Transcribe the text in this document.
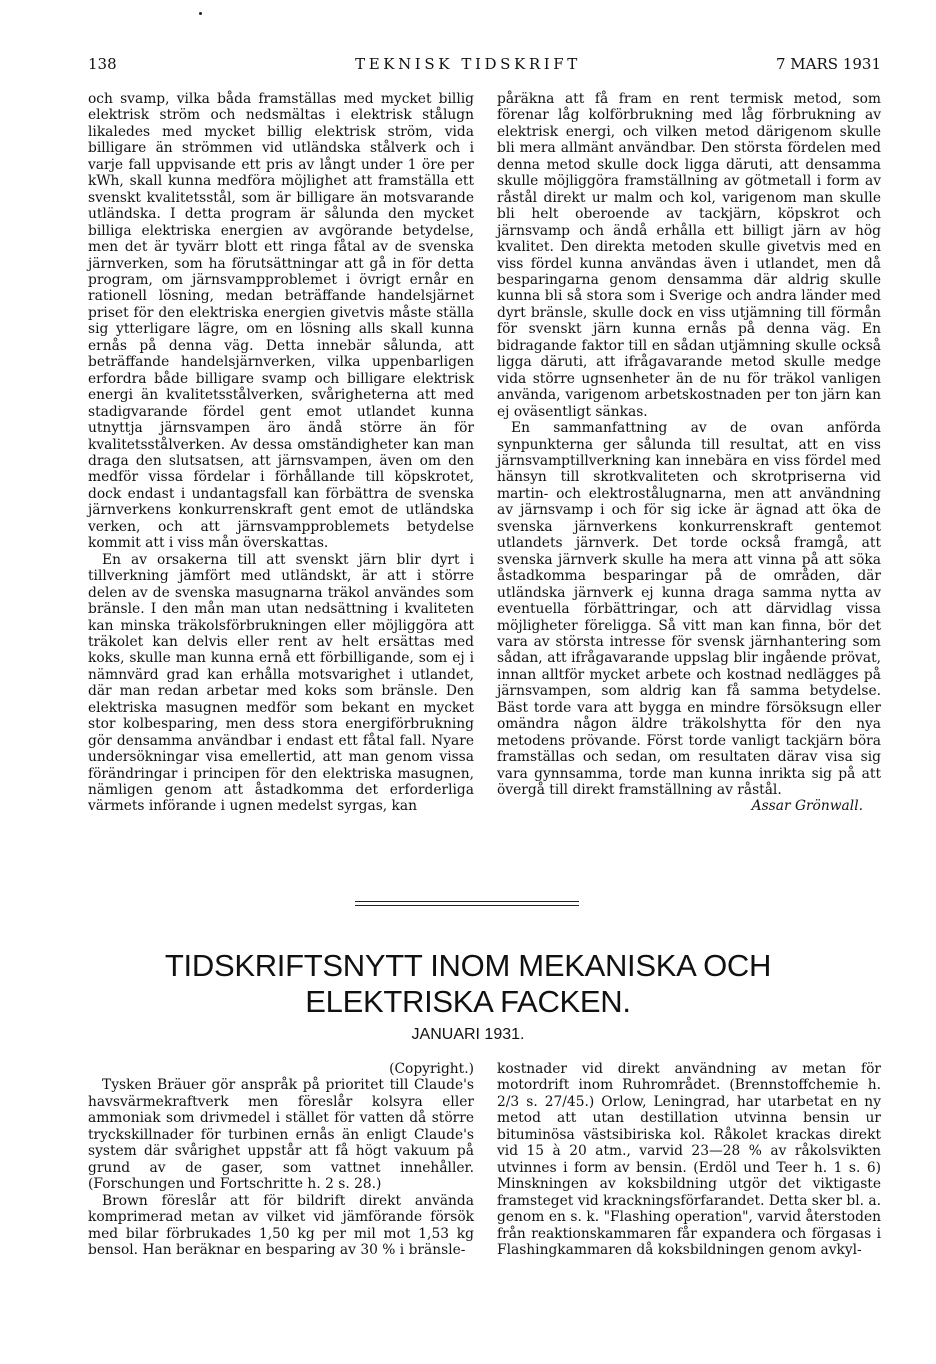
138	TEKNISK TIDSKRIFT	7 MARS 1931

och svamp, vilka båda framställas med mycket billig elektrisk ström och nedsmältas i elektrisk stålugn likaledes med mycket billig elektrisk ström, vida billigare än strömmen vid utländska stålverk och i varje fall uppvisande ett pris av långt under 1 öre per kWh, skall kunna medföra möjlighet att framställa ett svenskt kvalitetsstål, som är billigare än motsvarande utländska. I detta program är sålunda den mycket billiga elektriska energien av avgörande betydelse, men det är tyvärr blott ett ringa fåtal av de svenska järnverken, som ha förutsättningar att gå in för detta program, om järnsvampproblemet i övrigt ernår en rationell lösning, medan beträffande handelsjärnet priset för den elektriska energien givetvis måste ställa sig ytterligare lägre, om en lösning alls skall kunna ernås på denna väg. Detta innebär sålunda, att beträffande handelsjärnverken, vilka uppenbarligen erfordra både billigare svamp och billigare elektrisk energi än kvalitetsstålverken, svårigheterna att med stadigvarande fördel gent emot utlandet kunna utnyttja järnsvampen äro ändå större än för kvalitetsstålverken. Av dessa omständigheter kan man draga den slutsatsen, att järnsvampen, även om den medför vissa fördelar i förhållande till köpskrotet, dock endast i undantagsfall kan förbättra de svenska järnverkens konkurrenskraft gent emot de utländska verken, och att järnsvampproblemets betydelse kommit att i viss mån överskattas.

En av orsakerna till att svenskt järn blir dyrt i tillverkning jämfört med utländskt, är att i större delen av de svenska masugnarna träkol användes som bränsle. I den mån man utan nedsättning i kvaliteten kan minska träkolsförbrukningen eller möjliggöra att träkolet kan delvis eller rent av helt ersättas med koks, skulle man kunna ernå ett förbilligande, som ej i nämnvärd grad kan erhålla motsvarighet i utlandet, där man redan arbetar med koks som bränsle. Den elektriska masugnen medför som bekant en mycket stor kolbesparing, men dess stora energiförbrukning gör densamma användbar i endast ett fåtal fall. Nyare undersökningar visa emellertid, att man genom vissa förändringar i principen för den elektriska masugnen, nämligen genom att åstadkomma det erforderliga värmets införande i ugnen medelst syrgas, kan

påräkna att få fram en rent termisk metod, som förenar låg kolförbrukning med låg förbrukning av elektrisk energi, och vilken metod därigenom skulle bli mera allmänt användbar. Den största fördelen med denna metod skulle dock ligga däruti, att densamma skulle möjliggöra framställning av götmetall i form av råstål direkt ur malm och kol, varigenom man skulle bli helt oberoende av tackjärn, köpskrot och järnsvamp och ändå erhålla ett billigt järn av hög kvalitet. Den direkta metoden skulle givetvis med en viss fördel kunna användas även i utlandet, men då besparingarna genom densamma där aldrig skulle kunna bli så stora som i Sverige och andra länder med dyrt bränsle, skulle dock en viss utjämning till förmån för svenskt järn kunna ernås på denna väg. En bidragande faktor till en sådan utjämning skulle också ligga däruti, att ifrågavarande metod skulle medge vida större ugnsenheter än de nu för träkol vanligen använda, varigenom arbetskostnaden per ton järn kan ej oväsentligt sänkas.

En sammanfattning av de ovan anförda synpunkterna ger sålunda till resultat, att en viss järnsvamptillverkning kan innebära en viss fördel med hänsyn till skrotkvaliteten och skrotpriserna vid martin- och elektrostålugnarna, men att användning av järnsvamp i och för sig icke är ägnad att öka de svenska järnverkens konkurrenskraft gentemot utlandets järnverk. Det torde också framgå, att svenska järnverk skulle ha mera att vinna på att söka åstadkomma besparingar på de områden, där utländska järnverk ej kunna draga samma nytta av eventuella förbättringar, och att därvidlag vissa möjligheter föreligga. Så vitt man kan finna, bör det vara av största intresse för svensk järnhantering som sådan, att ifrågavarande uppslag blir ingående prövat, innan alltför mycket arbete och kostnad nedlägges på järnsvampen, som aldrig kan få samma betydelse. Bäst torde vara att bygga en mindre försöksugn eller omändra någon äldre träkolshytta för den nya metodens prövande. Först torde vanligt tackjärn böra framställas och sedan, om resultaten därav visa sig vara gynnsamma, torde man kunna inrikta sig på att övergå till direkt framställning av råstål.

Assar Grönwall.

TIDSKRIFTSNYTT INOM MEKANISKA OCH
ELEKTRISKA FACKEN.
JANUARI 1931.

(Copyright.)

Tysken Bräuer gör anspråk på prioritet till Claude's havsvärmekraftverk men föreslår kolsyra eller ammoniak som drivmedel i stället för vatten då större tryckskillnader för turbinen ernås än enligt Claude's system där svårighet uppstår att få högt vakuum på grund av de gaser, som vattnet innehåller. (Forschungen und Fortschritte h. 2 s. 28.)

Brown föreslår att för bildrift direkt använda komprimerad metan av vilket vid jämförande försök med bilar förbrukades 1,50 kg per mil mot 1,53 kg bensol. Han beräknar en besparing av 30 % i bränsle-

kostnader vid direkt användning av metan för motordrift inom Ruhrområdet. (Brennstoffchemie h. 2/3 s. 27/45.) Orlow, Leningrad, har utarbetat en ny metod att utan destillation utvinna bensin ur bituminösa västsibiriska kol. Råkolet krackas direkt vid 15 à 20 atm., varvid 23—28 % av råkolsvikten utvinnes i form av bensin. (Erdöl und Teer h. 1 s. 6) Minskningen av koksbildning utgör det viktigaste framsteget vid krackningsförfarandet. Detta sker bl. a. genom en s. k. "Flashing operation", varvid återstoden från reaktionskammaren får expandera och förgasas i Flashingkammaren då koksbildningen genom avkyl-
